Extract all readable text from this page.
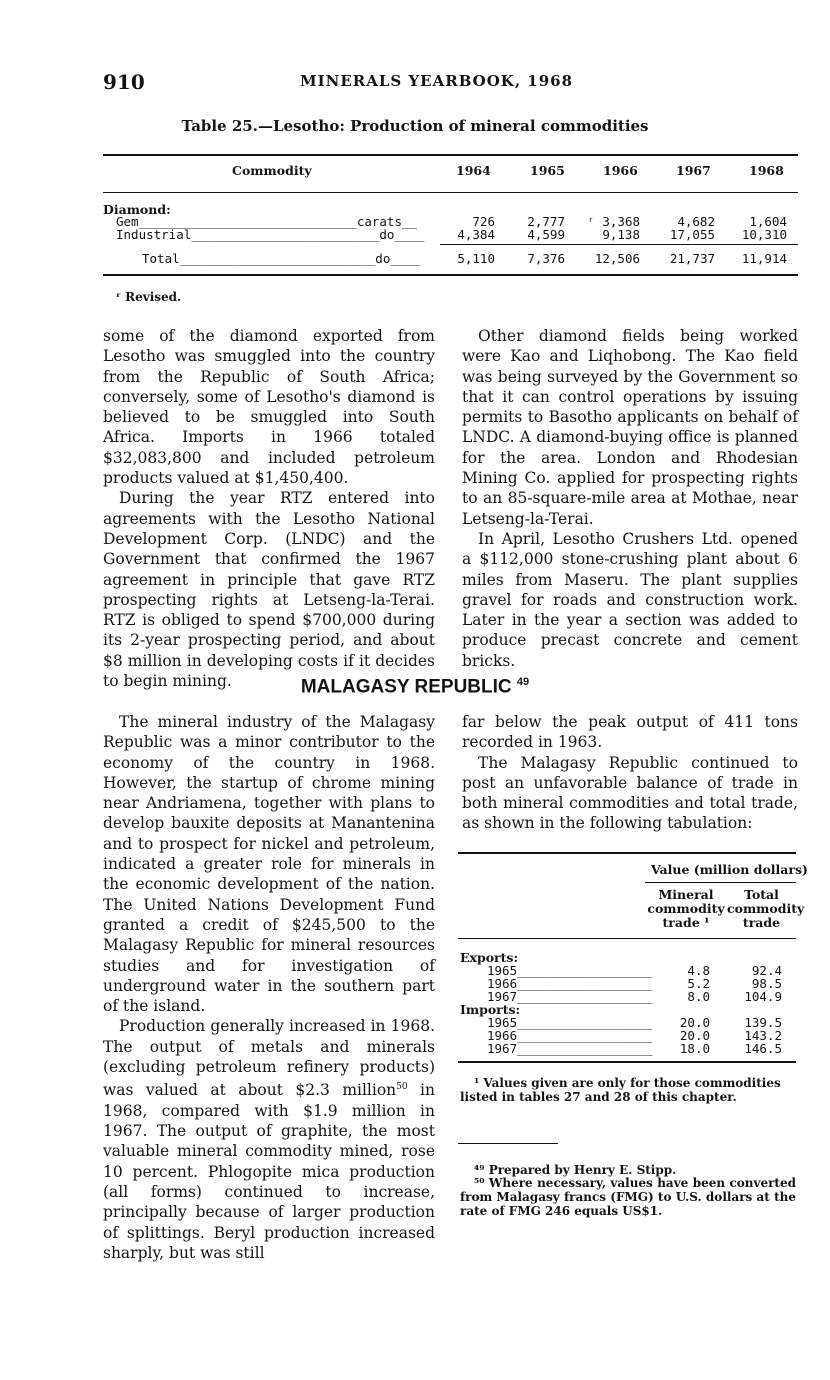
910	MINERALS YEARBOOK, 1968
Table 25.—Lesotho: Production of mineral commodities
Commodity	1964	1965	1966	1967	1968
Diamond:
Gem_____________________________carats__	726	2,777	ʳ 3,368	4,682	1,604
Industrial_________________________do____	4,384	4,599	9,138	17,055	10,310
Total__________________________do____	5,110	7,376	12,506	21,737	11,914
ʳ Revised.

some of the diamond exported from Lesotho was smuggled into the country from the Republic of South Africa; conversely, some of Lesotho's diamond is believed to be smuggled into South Africa. Imports in 1966 totaled $32,083,800 and included petroleum products valued at $1,450,400.

During the year RTZ entered into agreements with the Lesotho National Development Corp. (LNDC) and the Government that confirmed the 1967 agreement in principle that gave RTZ prospecting rights at Letseng-la-Terai. RTZ is obliged to spend $700,000 during its 2-year prospecting period, and about $8 million in developing costs if it decides to begin mining.

Other diamond fields being worked were Kao and Liqhobong. The Kao field was being surveyed by the Government so that it can control operations by issuing permits to Basotho applicants on behalf of LNDC. A diamond-buying office is planned for the area. London and Rhodesian Mining Co. applied for prospecting rights to an 85-square-mile area at Mothae, near Letseng-la-Terai.

In April, Lesotho Crushers Ltd. opened a $112,000 stone-crushing plant about 6 miles from Maseru. The plant supplies gravel for roads and construction work. Later in the year a section was added to produce precast concrete and cement bricks.

MALAGASY REPUBLIC $^{49}$

The mineral industry of the Malagasy Republic was a minor contributor to the economy of the country in 1968. However, the startup of chrome mining near Andriamena, together with plans to develop bauxite deposits at Manantenina and to prospect for nickel and petroleum, indicated a greater role for minerals in the economic development of the nation. The United Nations Development Fund granted a credit of $245,500 to the Malagasy Republic for mineral resources studies and for investigation of underground water in the southern part of the island.

Production generally increased in 1968. The output of metals and minerals (excluding petroleum refinery products) was valued at about $2.3 million$^{50}$ in 1968, compared with $1.9 million in 1967. The output of graphite, the most valuable mineral commodity mined, rose 10 percent. Phlogopite mica production (all forms) continued to increase, principally because of larger production of splittings. Beryl production increased sharply, but was still

far below the peak output of 411 tons recorded in 1963.

The Malagasy Republic continued to post an unfavorable balance of trade in both mineral commodities and total trade, as shown in the following tabulation:

Value (million dollars)
Mineral commodity trade ¹
Total commodity trade
Exports:
1965__________________	4.8	92.4
1966__________________	5.2	98.5
1967__________________	8.0	104.9
Imports:
1965__________________	20.0	139.5
1966__________________	20.0	143.2
1967__________________	18.0	146.5
¹ Values given are only for those commodities listed in tables 27 and 28 of this chapter.
⁴⁹ Prepared by Henry E. Stipp.
⁵⁰ Where necessary, values have been converted from Malagasy francs (FMG) to U.S. dollars at the rate of FMG 246 equals US$1.
